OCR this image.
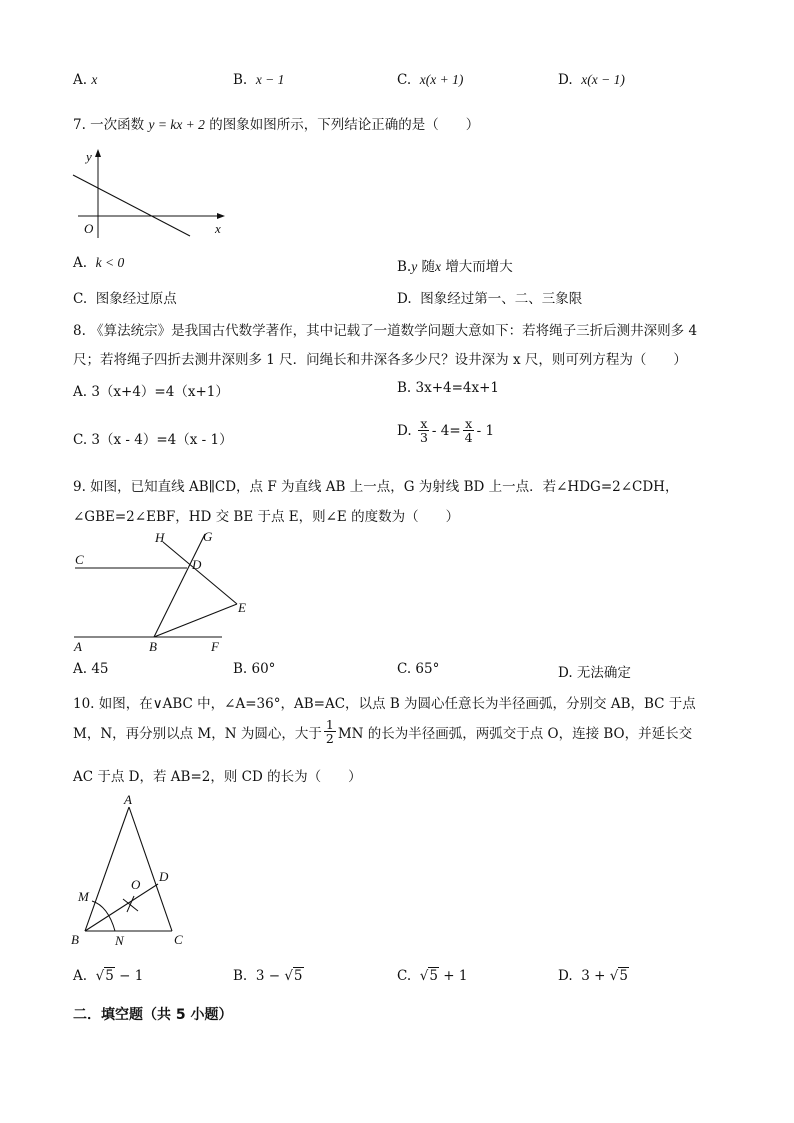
A. x	B. x − 1	C. x(x + 1)	D. x(x − 1)
7. 一次函数 y = kx + 2 的图象如图所示，下列结论正确的是（　　）
y
x
O
A. k < 0	B.y 随x 增大而增大
C. 图象经过原点	D. 图象经过第一、二、三象限
8. 《算法统宗》是我国古代数学著作，其中记载了一道数学问题大意如下：若将绳子三折后测井深则多 4
尺；若将绳子四折去测井深则多 1 尺．问绳长和井深各多少尺？设井深为 x 尺，则可列方程为（　　）
A. 3（x+4）=4（x+1）	B. 3x+4=4x+1
C. 3（x - 4）=4（x - 1）
D.
$\frac{x}{3} - 4= \frac{x}{4} - 1$
9. 如图，已知直线 AB∥CD，点 F 为直线 AB 上一点，G 为射线 BD 上一点．若∠HDG=2∠CDH，
∠GBE=2∠EBF，HD 交 BE 于点 E，则∠E 的度数为（　　）
H	G
C	D
E
A	B	F
A. 45	B. 60°	C. 65°	D. 无法确定
10. 如图，在∨ABC 中，∠A=36°，AB=AC，以点 B 为圆心任意长为半径画弧，分别交 AB，BC 于点
M，N，再分别以点 M，N 为圆心，大于 $\frac{1}{2}$ MN 的长为半径画弧，两弧交于点 O，连接 BO，并延长交
AC 于点 D，若 AB=2，则 CD 的长为（　　）
A
B	C
D
M
N
O
A. √5 − 1	B. 3 − √5	C. √5 + 1	D. 3 + √5
二．填空题（共 5 小题）
